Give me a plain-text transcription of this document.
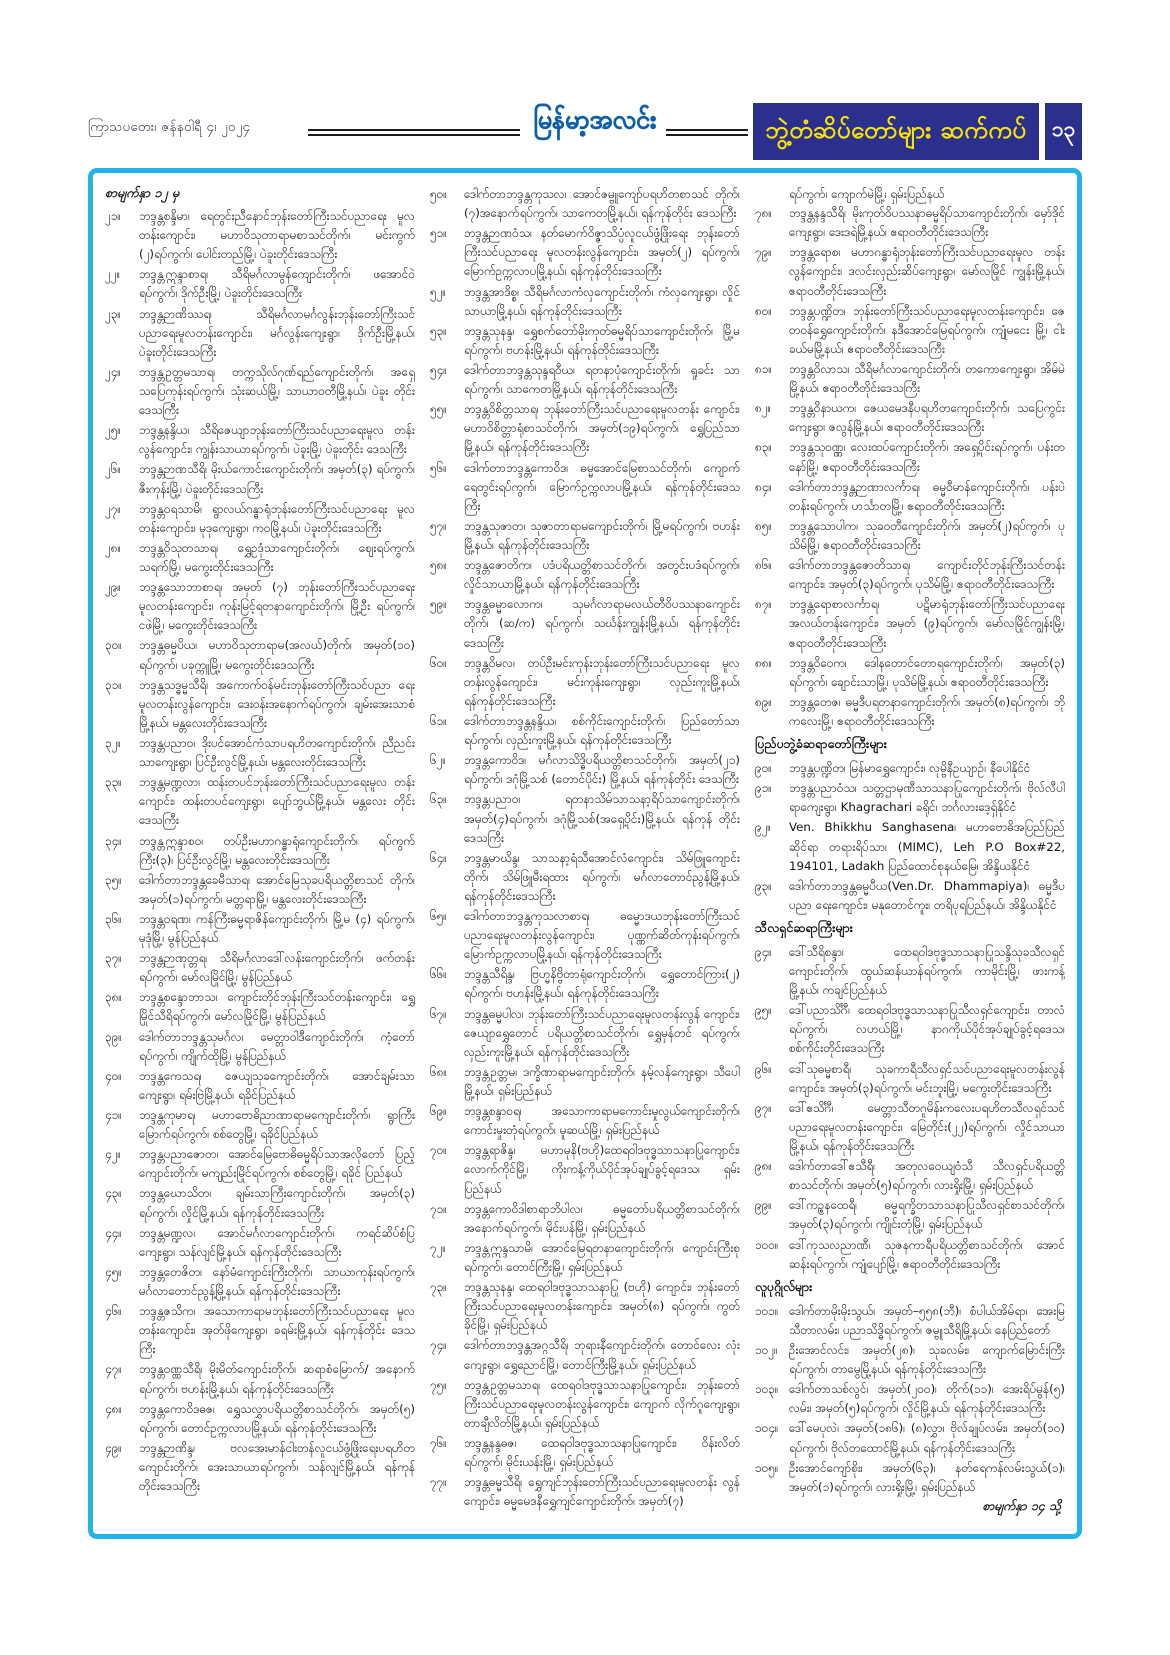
ကြာသပတေး၊ ဇန်နဝါရီ ၄၊ ၂၀၂၄	မြန်မာ့အလင်း	ဘွဲ့တံဆိပ်တော်များ ဆက်ကပ်	၁၃
စာမျက်နှာ ၁၂ မှ
၂၁။	ဘဒ္ဒန္တစန္ဒိမာ၊ ရေတွင်းညီနောင်ဘုန်းတော်ကြီးသင်ပညာရေး မူလတန်းကျောင်း၊ မဟာဝိသုတာရာမစာသင်တိုက်၊ မင်းကွက် (၂)ရပ်ကွက်၊ ပေါင်းတည်မြို့၊ ပဲခူးတိုင်းဒေသကြီး
၂၂။	ဘဒ္ဒန္တဣန္ဒာစာရ၊ သီရိမင်္ဂလာမွန်ကျောင်းတိုက်၊ ဖအောင်ဝဲ ရပ်ကွက်၊ ဒိုက်ဦးမြို့၊ ပဲခူးတိုင်းဒေသကြီး
၂၃။	ဘဒ္ဒန္တဉာဏိဿရ၊ သီရိမင်္ဂလာမင်္ဂလွန်းဘုန်းတော်ကြီးသင် ပညာရေးမူလတန်းကျောင်း၊ မင်္ဂလွန်းကျေးရွာ၊ ဒိုက်ဦးမြို့နယ်၊ ပဲခူးတိုင်းဒေသကြီး
၂၄။	ဘဒ္ဒန္တဥတ္တမသာရ၊ တက္ကသိုလ်ဂုဏ်ရည်ကျောင်းတိုက်၊ အရှေ့ သပြေကုန်းရပ်ကွက်၊ သုံးဆယ်မြို့၊ သာယာဝတီမြို့နယ်၊ ပဲခူး တိုင်းဒေသကြီး
၂၅။	ဘဒ္ဒန္တနန္ဒိယ၊ သီရိဇေယျာဘုန်းတော်ကြီးသင်ပညာရေးမူလ တန်းလွန်ကျောင်း၊ ကျွန်းသာယာရပ်ကွက်၊ ပဲခူးမြို့၊ ပဲခူးတိုင်း ဒေသကြီး
၂၆။	ဘဒ္ဒန္တဉာဏသီရိ၊ မိုးယ်ကောင်းကျောင်းတိုက်၊ အမှတ်(၃) ရပ်ကွက်၊ ဇီးကုန်းမြို့၊ ပဲခူးတိုင်းဒေသကြီး
၂၇။	ဘဒ္ဒန္တဝရသာမိ၊ ရွာလယ်ဂန္ဓာရုံဘုန်းတော်ကြီးသင်ပညာရေး မူလတန်းကျောင်း၊ မုဒုကျေးရွာ၊ ကဝမြို့နယ်၊ ပဲခူးတိုင်းဒေသကြီး
၂၈။	ဘဒ္ဒန္တဝိသုတသာရ၊ ရွှေဥဒုံသာကျောင်းတိုက်၊ ဈေးရပ်ကွက်၊ သရက်မြို့၊ မကွေးတိုင်းဒေသကြီး
၂၉။	ဘဒ္ဒန္တသောဘာစာရ၊ အမှတ် (၇) ဘုန်းတော်ကြီးသင်ပညာရေး မူလတန်းကျောင်း၊ ကုန်းမြင့်ရတနာကျောင်းတိုက်၊ မြို့ဦး ရပ်ကွက်၊ ငဖဲမြို့၊ မကွေးတိုင်းဒေသကြီး
၃၀။	ဘဒ္ဒန္တဓမ္မပိယ၊ မဟာဝိသုတာရာမ(အလယ်)တိုက်၊ အမှတ်(၁၀) ရပ်ကွက်၊ ပခုက္ကူမြို့၊ မကွေးတိုင်းဒေသကြီး
၃၁။	ဘဒ္ဒန္တသဒ္ဓမ္မသီရိ၊ အကောက်ဝန်မင်းဘုန်းတော်ကြီးသင်ပညာ ရေးမူလတန်းလွန်ကျောင်း၊ ဒေးဝန်းအနောက်ရပ်ကွက်၊ ချမ်းအေးသာစံမြို့နယ်၊ မန္တလေးတိုင်းဒေသကြီး
၃၂။	ဘဒ္ဒန္တပညာဝ၊ ဒိုးပင်အောင်ကံသာပရဟိတကျောင်းတိုက်၊ ညီညင်းသာကျေးရွာ၊ ပြင်ဦးလွင်မြို့နယ်၊ မန္တလေးတိုင်းဒေသကြီး
၃၃။	ဘဒ္ဒန္တမဏ္ဍလာ၊ ထန်းတပင်ဘုန်းတော်ကြီးသင်ပညာရေးမူလ တန်းကျောင်း၊ ထန်းတပင်ကျေးရွာ၊ ပျော်ဘွယ်မြို့နယ်၊ မန္တလေး တိုင်းဒေသကြီး
၃၄။	ဘဒ္ဒန္တဣန္ဒာစဝ၊ တပ်ဦးမဟာဂန္ဓာရုံကျောင်းတိုက်၊ ရပ်ကွက် ကြီး(၃)၊ ပြင်ဦးလွင်မြို့၊ မန္တလေးတိုင်းဒေသကြီး
၃၅။	ဒေါက်တာဘဒ္ဒန္တခေမီသာရ၊ အောင်မြေသုခပရိယတ္တိစာသင် တိုက်၊ အမှတ်(၁)ရပ်ကွက်၊ မတ္တရာမြို့၊ မန္တလေးတိုင်းဒေသကြီး
၃၆။	ဘဒ္ဒန္တဝရဏ၊ ကန်ကြီးဓမ္မရာဇိန်ကျောင်းတိုက်၊ မြို့မ (၄) ရပ်ကွက်၊ မုဒုံမြို့၊ မွန်ပြည်နယ်
၃၇။	ဘဒ္ဒန္တဉာဏုတ္တရ၊ သီရိမင်္ဂလာဒေါ်လန်းကျောင်းတိုက်၊ ဖက်တန်း ရပ်ကွက်၊ မော်လမြိုင်မြို့၊ မွန်ပြည်နယ်
၃၈။	ဘဒ္ဒန္တစန္ဒောဘာသ၊ ကျောင်းတိုင်ဘုန်းကြီးသင်တန်းကျောင်း၊ ရွှေမြိုင်သီရိရပ်ကွက်၊ မော်လမြိုင်မြို့၊ မွန်ပြည်နယ်
၃၉။	ဒေါက်တာဘဒ္ဒန္တသုမင်္ဂလ၊ မေတ္တာဝါဒီကျောင်းတိုက်၊ ကံ့တော် ရပ်ကွက်၊ ကျိုက်ထိုမြို့၊ မွန်ပြည်နယ်
၄၀။	ဘဒ္ဒန္တကေသရ၊ ဇေယျသုခကျောင်းတိုက်၊ အောင်ချမ်းသာ ကျေးရွာ၊ ရမ်းဗြဲမြို့နယ်၊ ရခိုင်ပြည်နယ်
၄၁။	ဘဒ္ဒန္တကုမာရ၊ မဟာဗောဓိညာဏာရာမကျောင်းတိုက်၊ ရွာကြီး မြောက်ရပ်ကွက်၊ စစ်တွေမြို့၊ ရခိုင်ပြည်နယ်
၄၂။	ဘဒ္ဒန္တပညာဇောတ၊ အောင်မြေဗောဓိဓမ္မရိပ်သာအလိုတော် ပြည့်ကျောင်းတိုက်၊ မကျည်းမြိုင်ရပ်ကွက်၊ စစ်တွေမြို့၊ ရခိုင် ပြည်နယ်
၄၃။	ဘဒ္ဒန္တဃောသိတ၊ ချမ်းသာကြီးကျောင်းတိုက်၊ အမှတ်(၃) ရပ်ကွက်၊ လှိုင်မြို့နယ်၊ ရန်ကုန်တိုင်းဒေသကြီး
၄၄။	ဘဒ္ဒန္တမဏ္ဍလ၊ အောင်မင်္ဂလာကျောင်းတိုက်၊ ကရင်ဆိပ်စံပြ ကျေးရွာ၊ သန်လျင်မြို့နယ်၊ ရန်ကုန်တိုင်းဒေသကြီး
၄၅။	ဘဒ္ဒန္တတေဇိတ၊ နော်မံကျောင်းကြီးတိုက်၊ သာယာကုန်းရပ်ကွက်၊ မင်္ဂလာတောင်ညွန့်မြို့နယ်၊ ရန်ကုန်တိုင်းဒေသကြီး
၄၆။	ဘဒ္ဒန္တဇသိက၊ အသောကာရာမဘုန်းတော်ကြီးသင်ပညာရေး မူလတန်းကျောင်း၊ အုတ်ဖိုကျေးရွာ၊ ခရမ်းမြို့နယ်၊ ရန်ကုန်တိုင်း ဒေသကြီး
၄၇။	ဘဒ္ဒန္တဝဏ္ဏသီရိ၊ မိုးမိတ်ကျောင်းတိုက်၊ ဆရာစံမြောက်/ အနောက်ရပ်ကွက်၊ ဗဟန်းမြို့နယ်၊ ရန်ကုန်တိုင်းဒေသကြီး
၄၈။	ဘဒ္ဒန္တကောဝိဒဓဇ၊ ရွှေသလွှာပရိယတ္တိစာသင်တိုက်၊ အမှတ်(၅) ရပ်ကွက်၊ တောင်ဥက္ကလာပမြို့နယ်၊ ရန်ကုန်တိုင်းဒေသကြီး
၄၉။	ဘဒ္ဒန္တဉာဏိန္ဒ၊ ဗလအေးမာန်ငါးတန်လူငယ်ဖွံ့ဖြိုးရေးပရဟိတ ကျောင်းတိုက်၊ အေးသာယာရပ်ကွက်၊ သန်လျင်မြို့နယ်၊ ရန်ကုန် တိုင်းဒေသကြီး
၅၀။	ဒေါက်တာဘဒ္ဒန္တကုသလ၊ အောင်ဇမ္ဗူကျော်ပရဟိတစာသင် တိုက်၊ (၇)အနောက်ရပ်ကွက်၊ သာကေတမြို့နယ်၊ ရန်ကုန်တိုင်း ဒေသကြီး
၅၁။	ဘဒ္ဒန္တဉာဏဝံသ၊ နတ်မောက်ဝိဇ္ဇာသိပ္ပံလူငယ်ဖွံ့ဖြိုးရေး ဘုန်းတော်ကြီးသင်ပညာရေး မူလတန်းလွန်ကျောင်း၊ အမှတ်(၂) ရပ်ကွက်၊ မြောက်ဥက္ကလာပမြို့နယ်၊ ရန်ကုန်တိုင်းဒေသကြီး
၅၂။	ဘဒ္ဒန္တအာဒိစ္စ၊ သီရိမင်္ဂလာကံလှကျောင်းတိုက်၊ ကံလှကျေးရွာ၊ လှိုင်သာယာမြို့နယ်၊ ရန်ကုန်တိုင်းဒေသကြီး
၅၃။	ဘဒ္ဒန္တသုနန္ဒ၊ ရွှေစက်တော်မိုးကုတ်ဓမ္မရိပ်သာကျောင်းတိုက်၊ မြို့မရပ်ကွက်၊ ဗဟန်းမြို့နယ်၊ ရန်ကုန်တိုင်းဒေသကြီး
၅၄။	ဒေါက်တာဘဒ္ဒန္တသုန္ဒရဝီယ၊ ရတနာပုံကျောင်းတိုက်၊ ရှုခင်း သာရပ်ကွက်၊ သာကေတမြို့နယ်၊ ရန်ကုန်တိုင်းဒေသကြီး
၅၅။	ဘဒ္ဒန္တဝိစိတ္တသာရ၊ ဘုန်းတော်ကြီးသင်ပညာရေးမူလတန်း ကျောင်း၊ မဟာဝိစိတ္တာရုံစာသင်တိုက်၊ အမှတ်(၁၉)ရပ်ကွက်၊ ရွှေပြည်သာမြို့နယ်၊ ရန်ကုန်တိုင်းဒေသကြီး
၅၆။	ဒေါက်တာဘဒ္ဒန္တကောဝိဒ၊ ဓမ္မအောင်မြေစာသင်တိုက်၊ ကျောက် ရေတွင်းရပ်ကွက်၊ မြောက်ဥက္ကလာပမြို့နယ်၊ ရန်ကုန်တိုင်းဒေသ ကြီး
၅၇။	ဘဒ္ဒန္တသုဇာတ၊ သုဇာတာရာမကျောင်းတိုက်၊ မြို့မရပ်ကွက်၊ ဗဟန်းမြို့နယ်၊ ရန်ကုန်တိုင်းဒေသကြီး
၅၈။	ဘဒ္ဒန္တဇောတိက၊ ပဒံပရိယတ္တိစာသင်တိုက်၊ အတွင်းပဒံရပ်ကွက်၊ လှိုင်သာယာမြို့နယ်၊ ရန်ကုန်တိုင်းဒေသကြီး
၅၉။	ဘဒ္ဒန္တဓမ္မာလောက၊ သုမင်္ဂလာရာမလယ်တီဝိပဿနာကျောင်း တိုက်၊ (ဆ/က) ရပ်ကွက်၊ သင်္ဃန်းကျွန်းမြို့နယ်၊ ရန်ကုန်တိုင်း ဒေသကြီး
၆၀။	ဘဒ္ဒန္တဝိမလ၊ တပ်ဦးမင်းကုန်းဘုန်းတော်ကြီးသင်ပညာရေး မူလတန်းလွန်ကျောင်း၊ မင်းကုန်းကျေးရွာ၊ လှည်းကူးမြို့နယ်၊ ရန်ကုန်တိုင်းဒေသကြီး
၆၁။	ဒေါက်တာဘဒ္ဒန္တနန္ဒိယ၊ စစ်ကိုင်းကျောင်းတိုက်၊ ပြည်တော်သာ ရပ်ကွက်၊ လှည်းကူးမြို့နယ်၊ ရန်ကုန်တိုင်းဒေသကြီး
၆၂။	ဘဒ္ဒန္တကောဝိဒ၊ မင်္ဂလာသိဒ္ဓိပရိယတ္တိစာသင်တိုက်၊ အမှတ်(၂၁) ရပ်ကွက်၊ ဒဂုံမြို့သစ် (တောင်ပိုင်း) မြို့နယ်၊ ရန်ကုန်တိုင်း ဒေသကြီး
၆၃။	ဘဒ္ဒန္တပညာဝ၊ ရတနာသိမ်သာသနာ့ရိပ်သာကျောင်းတိုက်၊ အမှတ်(၄)ရပ်ကွက်၊ ဒဂုံမြို့သစ်(အရှေ့ပိုင်း)မြို့နယ်၊ ရန်ကုန် တိုင်းဒေသကြီး
၆၄။	ဘဒ္ဒန္တမာဃိန္ဒ၊ သာသနာ့ရံသီအောင်လံကျောင်း၊ သိမ်ဖြူကျောင်း တိုက်၊ သိမ်ဖြူမီးရထား ရပ်ကွက်၊ မင်္ဂလာတောင်ညွန့်မြို့နယ်၊ ရန်ကုန်တိုင်းဒေသကြီး
၆၅။	ဒေါက်တာဘဒ္ဒန္တကုသလာစာရ၊ ဓမ္မောဒယဘုန်းတော်ကြီးသင် ပညာရေးမူလတန်းလွန်ကျောင်း၊ ပုဏ္ဏက်ဆိတ်ကုန်းရပ်ကွက်၊ မြောက်ဥက္ကလာပမြို့နယ်၊ ရန်ကုန်တိုင်းဒေသကြီး
၆၆။	ဘဒ္ဒန္တသီရိန္ဒ၊ ဗြဟ္မနိဗ္ဗိတာရုံကျောင်းတိုက်၊ ရွှေတောင်ကြား(၂) ရပ်ကွက်၊ ဗဟန်းမြို့နယ်၊ ရန်ကုန်တိုင်းဒေသကြီး
၆၇။	ဘဒ္ဒန္တဓမ္မပါလ၊ ဘုန်းတော်ကြီးသင်ပညာရေးမူလတန်းလွန် ကျောင်း၊ ဇေယျာရွှေတောင် ပရိယတ္တိစာသင်တိုက်၊ ရွှေမှန်တင် ရပ်ကွက်၊ လှည်းကူးမြို့နယ်၊ ရန်ကုန်တိုင်းဒေသကြီး
၆၈။	ဘဒ္ဒန္တဥတ္တမ၊ ဒက္ခိဏာရာမကျောင်းတိုက်၊ နမ့်လန်ကျေးရွာ၊ သီပေါမြို့နယ်၊ ရှမ်းပြည်နယ်
၆၉။	ဘဒ္ဒန္တစန္ဒာဝရ၊ အသောကာရာမကောင်းမှုလွယ်ကျောင်းတိုက်၊ ကောင်းမှုးတုံရပ်ကွက်၊ မူဆယ်မြို့၊ ရှမ်းပြည်နယ်
၇၀။	ဘဒ္ဒန္တရာဇိန္ဒ၊ မဟာမုနိ(ဗဟို)ထေရဝါဒဗုဒ္ဓသာသနာပြုကျောင်း၊ လောက်ကိုင်မြို့၊ ကိုးကန့်ကိုယ်ပိုင်အုပ်ချုပ်ခွင့်ရဒေသ၊ ရှမ်း ပြည်နယ်
၇၁။	ဘဒ္ဒန္တကောဝိဒါစာရာဘိပါလ၊ ဓမ္မတော်ပရိယတ္တိစာသင်တိုက်၊ အနောက်ရပ်ကွက်၊ မိုင်းပန်မြို့၊ ရှမ်းပြည်နယ်
၇၂။	ဘဒ္ဒန္တဣန္ဒသာမိ၊ အောင်မြေရတနာကျောင်းတိုက်၊ ကျောင်းကြီးစု ရပ်ကွက်၊ တောင်ကြီးမြို့၊ ရှမ်းပြည်နယ်
၇၃။	ဘဒ္ဒန္တသုနန္ဒ၊ ထေရဝါဒဗုဒ္ဓသာသနာပြု (ဗဟို) ကျောင်း၊ ဘုန်းတော်ကြီးသင်ပညာရေးမူလတန်းကျောင်း၊ အမှတ်(၈) ရပ်ကွက်၊ ကွတ်ခိုင်မြို့၊ ရှမ်းပြည်နယ်
၇၄။	ဒေါက်တာဘဒ္ဒန္တအဂ္ဂသီရိ၊ ဘုရားနီကျောင်းတိုက်၊ တောင်လေး လုံးကျေးရွာ၊ ရွှေညောင်မြို့၊ တောင်ကြီးမြို့နယ်၊ ရှမ်းပြည်နယ်
၇၅။	ဘဒ္ဒန္တဥတ္တမသာရ၊ ထေရဝါဒဗုဒ္ဓသာသနာပြုကျောင်း၊ ဘုန်းတော်ကြီးသင်ပညာရေးမူလတန်းလွန်ကျောင်း၊ ကျောက် လိုက်ဂူကျေးရွာ၊ တာချီလိတ်မြို့နယ်၊ ရှမ်းပြည်နယ်
၇၆။	ဘဒ္ဒန္တနန္ဒဓဇ၊ ထေရဝါဒဗုဒ္ဓသာသနာပြုကျောင်း၊ ဝိန်းလိတ် ရပ်ကွက်၊ မိုင်းယန်းမြို့၊ ရှမ်းပြည်နယ်
၇၇။	ဘဒ္ဒန္တဓမ္မသီရိ၊ ရွှေကျင်ဘုန်းတော်ကြီးသင်ပညာရေးမူလတန်း လွန်ကျောင်း၊ ဓမ္မမေဒနီရွှေကျင်ကျောင်းတိုက်၊ အမှတ်(၇)
ရပ်ကွက်၊ ကျောက်မဲမြို့၊ ရှမ်းပြည်နယ်
၇၈။	ဘဒ္ဒန္တနန္ဒသီရိ၊ မိုးကုတ်ဝိပဿနာဓမ္မရိပ်သာကျောင်းတိုက်၊ မှော်ဒိုင်ကျေးရွာ၊ ဒေးဒရဲမြို့နယ်၊ ဧရာဝတီတိုင်းဒေသကြီး
၇၉။	ဘဒ္ဒန္တရောစ၊ မဟာဂန္ဓာရုံဘုန်းတော်ကြီးသင်ပညာရေးမူလ တန်းလွန်ကျောင်း၊ ဒလင်းလှည်းဆိပ်ကျေးရွာ၊ မော်လမြိုင် ကျွန်းမြို့နယ်၊ ဧရာဝတီတိုင်းဒေသကြီး
၈၀။	ဘဒ္ဒန္တပဏ္ဍိတ၊ ဘုန်းတော်ကြီးသင်ပညာရေးမူလတန်းကျောင်း၊ ဇေတဝန်ရွှေကျောင်းတိုက်၊ နဒီအောင်မြေရပ်ကွက်၊ ကျုံမငေး မြို့၊ ငါးခယ်မမြို့နယ်၊ ဧရာဝတီတိုင်းဒေသကြီး
၈၁။	ဘဒ္ဒန္တဝိလာသ၊ သီရိမင်္ဂလာကျောင်းတိုက်၊ တကောကျေးရွာ၊ အိမ်မဲမြို့နယ်၊ ဧရာဝတီတိုင်းဒေသကြီး
၈၂။	ဘဒ္ဒန္တဝိနာယက၊ ဇေယမေဒနီပရဟိတကျောင်းတိုက်၊ သပြေကွင်း ကျေးရွာ၊ ဇလွန်မြို့နယ်၊ ဧရာဝတီတိုင်းဒေသကြီး
၈၃။	ဘဒ္ဒန္တသုဝဏ္ဏ၊ လေးထပ်ကျောင်းတိုက်၊ အရှေ့ပိုင်းရပ်ကွက်၊ ပန်းတနော်မြို့၊ ဧရာဝတီတိုင်းဒေသကြီး
၈၄။	ဒေါက်တာဘဒ္ဒန္တဉာဏာလင်္ကာရ၊ ဓမ္မဝီမာန်ကျောင်းတိုက်၊ ပန်းပဲတန်းရပ်ကွက်၊ ဟင်္သာတမြို့၊ ဧရာဝတီတိုင်းဒေသကြီး
၈၅။	ဘဒ္ဒန္တသောပါက၊ သုခဝတီကျောင်းတိုက်၊ အမှတ်(၂)ရပ်ကွက်၊ ပုသိမ်မြို့၊ ဧရာဝတီတိုင်းဒေသကြီး
၈၆။	ဒေါက်တာဘဒ္ဒန္တဇောတိသာရ၊ ကျောင်းတိုင်ဘုန်းကြီးသင်တန်း ကျောင်း၊ အမှတ်(၃)ရပ်ကွက်၊ ပုသိမ်မြို့၊ ဧရာဝတီတိုင်းဒေသကြီး
၈၇။	ဘဒ္ဒန္တရောစာလင်္ကာရ၊ ပဋိမာရုံဘုန်းတော်ကြီးသင်ပညာရေး အလယ်တန်းကျောင်း၊ အမှတ် (၉)ရပ်ကွက်၊ မော်လမြိုင်ကျွန်းမြို့၊ ဧရာဝတီတိုင်းဒေသကြီး
၈၈။	ဘဒ္ဒန္တဝိဝေက၊ ဒေါနတောင်တောရကျောင်းတိုက်၊ အမှတ်(၃) ရပ်ကွက်၊ ချောင်းသာမြို့၊ ပုသိမ်မြို့နယ်၊ ဧရာဝတီတိုင်းဒေသကြီး
၈၉။	ဘဒ္ဒန္တတေဇ၊ ဓမ္မဒီပရတနာကျောင်းတိုက်၊ အမှတ်(၈)ရပ်ကွက်၊ ဘိုကလေးမြို့၊ ဧရာဝတီတိုင်းဒေသကြီး
ပြည်ပဘွဲ့ခံဆရာတော်ကြီးများ
၉၀။	ဘဒ္ဒန္တပဏ္ဍိတ၊ မြန်မာရွှေကျောင်း၊ လုမ္ဗိနီဥယျာဉ်၊ နီပေါနိုင်ငံ
၉၁။	ဘဒ္ဒန္တပညာဝံသ၊ သတ္တဌာမုဏီသာသနာပြုကျောင်းတိုက်၊ ဗိုလ်လီပါရာကျေးရွာ၊ Khagrachari ခရိုင်၊ ဘင်္ဂလားဒေ့ရှ်နိုင်ငံ
၉၂။	Ven. Bhikkhu Sanghasena၊ မဟာဗောဓိအပြည်ပြည်ဆိုင်ရာ တရားရိပ်သာ၊ (MIMC), Leh P.O Box#22, 194101, Ladakh ပြည်ထောင်စုနယ်မြေ၊ အိန္ဒိယနိုင်ငံ
၉၃။	ဒေါက်တာဘဒ္ဒန္တဓမ္မပီယ(Ven.Dr. Dhammapiya)၊ ဓမ္မဒီပပညာ ရေးကျောင်း၊ မနုတောင်ကူး၊ တရိပုရပြည်နယ်၊ အိန္ဒိယနိုင်ငံ
သီလရှင်ဆရာကြီးများ
၉၄။	ဒေါ်သီရိစန္ဒာ၊ ထေရဝါဒဗုဒ္ဓသာသနာပြုသန္ဒိသုခသီလရှင် ကျောင်းတိုက်၊ ထွယ်ဆန်ယာန်ရပ်ကွက်၊ ကာမိုင်းမြို့၊ ဖားကန့် မြို့နယ်၊ ကချင်ပြည်နယ်
၉၅။	ဒေါ်ပညာသိင်္ဂီ၊ ထေရဝါဒဗုဒ္ဓသာသနာပြုသီလရှင်ကျောင်း၊ တာလံရပ်ကွက်၊ လဟယ်မြို့၊ နာဂကိုယ်ပိုင်အုပ်ချုပ်ခွင့်ရဒေသ၊ စစ်ကိုင်းတိုင်းဒေသကြီး
၉၆။	ဒေါ်သုဓမ္မစာရီ၊ သုခကာရီသီလရှင်သင်ပညာရေးမူလတန်းလွန် ကျောင်း၊ အမှတ်(၃)ရပ်ကွက်၊ မင်းဘူးမြို့၊ မကွေးတိုင်းဒေသကြီး
၉၇။	ဒေါ်ဧသိင်္ဂီ၊ မေတ္တာသီတဂူမိန်းကလေးပရဟိတသီလရှင်သင် ပညာရေးမူလတန်းကျောင်း၊ မြေတိုင်း(၂၂)ရပ်ကွက်၊ လှိုင်သာယာ မြို့နယ်၊ ရန်ကုန်တိုင်းဒေသကြီး
၉၈။	ဒေါက်တာဒေါ်ဧသီရီ၊ အတုလဝေယျဝံသီ သီလရှင်ပရိယတ္တိ စာသင်တိုက်၊ အမှတ်(၅)ရပ်ကွက်၊ လားရှိုးမြို့၊ ရှမ်းပြည်နယ်
၉၉။	ဒေါ်ကဉ္စနထေရီ၊ ဓမ္မရက္ခိတသာသနာပြုသီလရှင်စာသင်တိုက်၊ အမှတ်(၃)ရပ်ကွက်၊ ကျိုင်းတုံမြို့၊ ရှမ်းပြည်နယ်
၁၀၀။ ဒေါ်ကုသလညာဏီ၊ သုဇနကာရီပရိယတ္တိစာသင်တိုက်၊ အောင်ဆန်းရပ်ကွက်၊ ကျုံပျော်မြို့၊ ဧရာဝတီတိုင်းဒေသကြီး
လူပုဂ္ဂိုလ်များ
၁၀၁။ ဒေါက်တာမိုးမိုးသွယ်၊ အမှတ်–၅၅၈(ဘီ)၊ စံပါယ်အိမ်ရာ၊ အေးမြသီတာလမ်း၊ ပညာသိဒ္ဓိရပ်ကွက်၊ ဇမ္ဗူသီရိမြို့နယ်၊ နေပြည်တော်
၁၀၂။ ဦးအောင်လင်း၊ အမှတ်(၂၈)၊ သုခလမ်း၊ ကျောက်မြောင်းကြီး ရပ်ကွက်၊ တာမွေမြို့နယ်၊ ရန်ကုန်တိုင်းဒေသကြီး
၁၀၃။ ဒေါက်တာသစ်လွင်၊ အမှတ်(၂၀၀)၊ တိုက်(၁၁)၊ အေးရိပ်မွန်(၅) လမ်း၊ အမှတ်(၅)ရပ်ကွက်၊ လှိုင်မြို့နယ်၊ ရန်ကုန်တိုင်းဒေသကြီး
၁၀၄။ ဒေါ်မေပုလဲ၊ အမှတ်(၁၈၆)၊ (၈)လွှာ၊ ဗိုလ်ချုပ်လမ်း၊ အမှတ်(၁၀) ရပ်ကွက်၊ ဗိုလ်တထောင်မြို့နယ်၊ ရန်ကုန်တိုင်းဒေသကြီး
၁၀၅။ ဦးအောင်ကျော်စိုး၊ အမှတ်(၆၃)၊ နတ်ရေကန်လမ်းသွယ်(၁)၊ အမှတ်(၁)ရပ်ကွက်၊ လားရှိုးမြို့၊ ရှမ်းပြည်နယ်
စာမျက်နှာ ၁၄ သို့
